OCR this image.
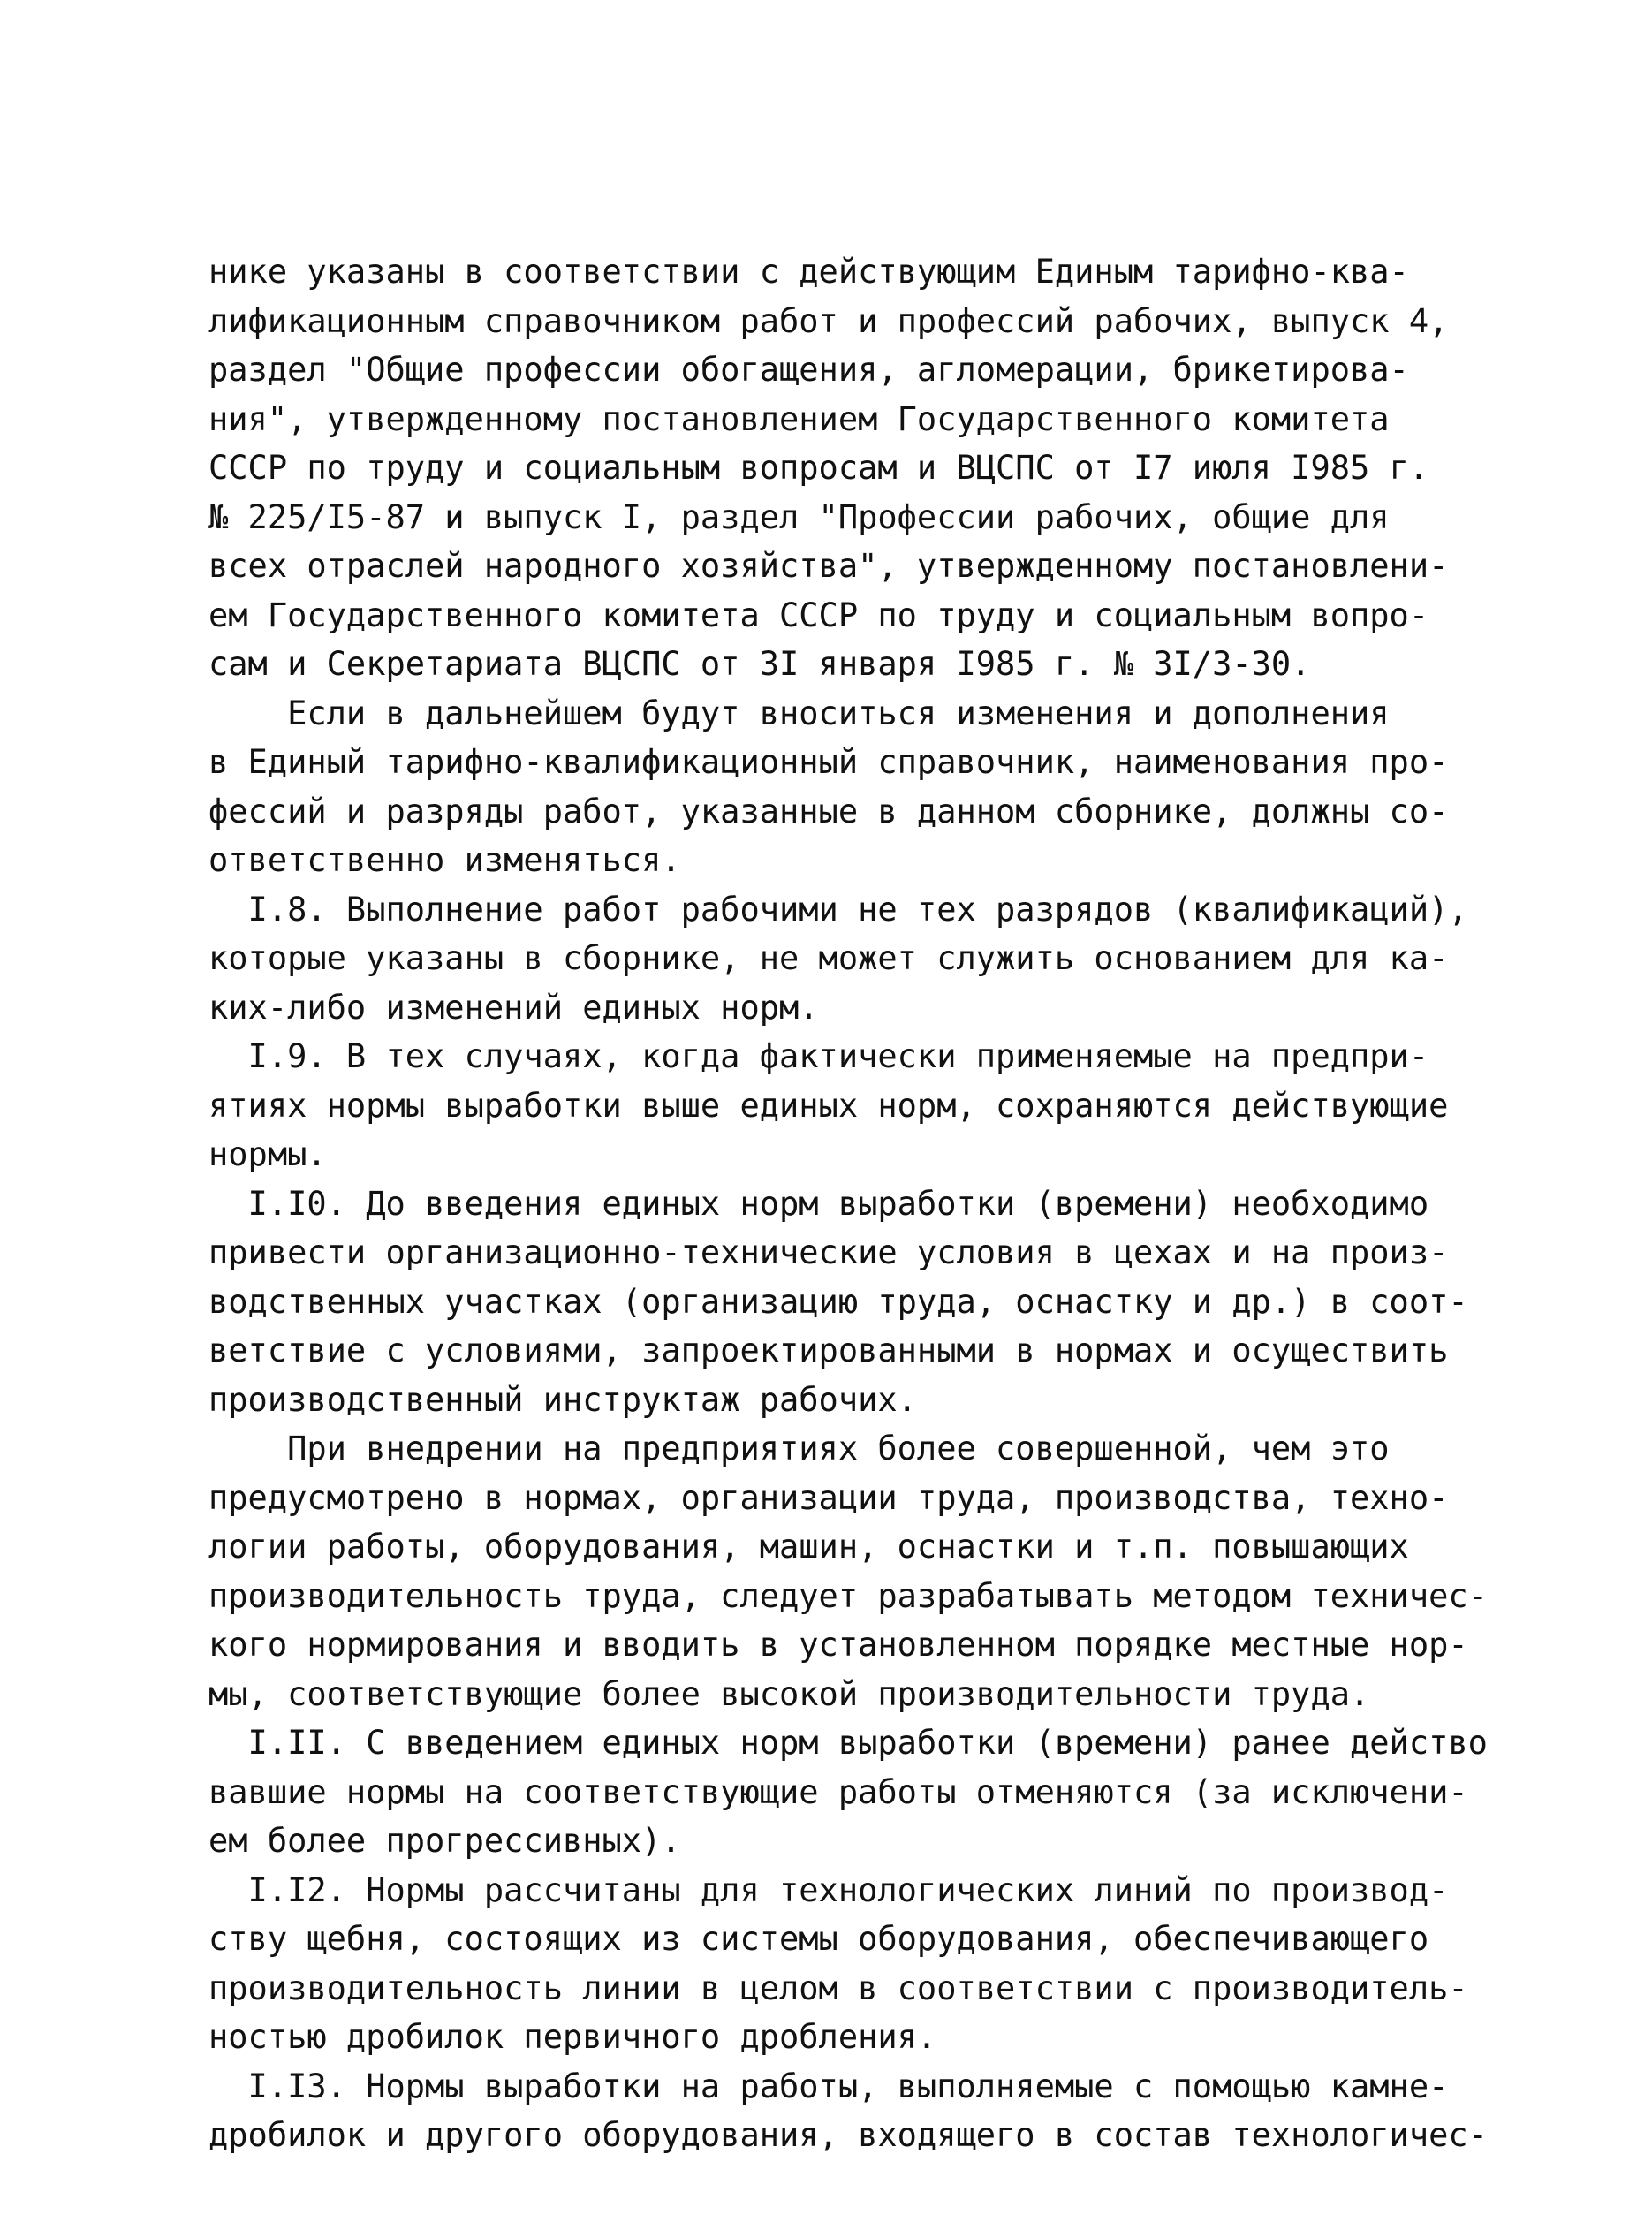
нике указаны в соответствии с действующим Единым тарифно-ква-
лификационным справочником работ и профессий рабочих, выпуск 4,
раздел "Общие профессии обогащения, агломерации, брикетирова-
ния", утвержденному постановлением Государственного комитета
СССР по труду и социальным вопросам и ВЦСПС от I7 июля I985 г.
№ 225/I5-87 и выпуск I, раздел "Профессии рабочих, общие для
всех отраслей народного хозяйства", утвержденному постановлени-
ем Государственного комитета СССР по труду и социальным вопро-
сам и Секретариата ВЦСПС от 3I января I985 г. № 3I/3-30.
Если в дальнейшем будут вноситься изменения и дополнения
в Единый тарифно-квалификационный справочник, наименования про-
фессий и разряды работ, указанные в данном сборнике, должны со-
ответственно изменяться.
I.8. Выполнение работ рабочими не тех разрядов (квалификаций),
которые указаны в сборнике, не может служить основанием для ка-
ких-либо изменений единых норм.
I.9. В тех случаях, когда фактически применяемые на предпри-
ятиях нормы выработки выше единых норм, сохраняются действующие
нормы.
I.I0. До введения единых норм выработки (времени) необходимо
привести организационно-технические условия в цехах и на произ-
водственных участках (организацию труда, оснастку и др.) в соот-
ветствие с условиями, запроектированными в нормах и осуществить
производственный инструктаж рабочих.
При внедрении на предприятиях более совершенной, чем это
предусмотрено в нормах, организации труда, производства, техно-
логии работы, оборудования, машин, оснастки и т.п. повышающих
производительность труда, следует разрабатывать методом техничес-
кого нормирования и вводить в установленном порядке местные нор-
мы, соответствующие более высокой производительности труда.
I.II. С введением единых норм выработки (времени) ранее действо
вавшие нормы на соответствующие работы отменяются (за исключени-
ем более прогрессивных).
I.I2. Нормы рассчитаны для технологических линий по производ-
ству щебня, состоящих из системы оборудования, обеспечивающего
производительность линии в целом в соответствии с производитель-
ностью дробилок первичного дробления.
I.I3. Нормы выработки на работы, выполняемые с помощью камне-
дробилок и другого оборудования, входящего в состав технологичес-
